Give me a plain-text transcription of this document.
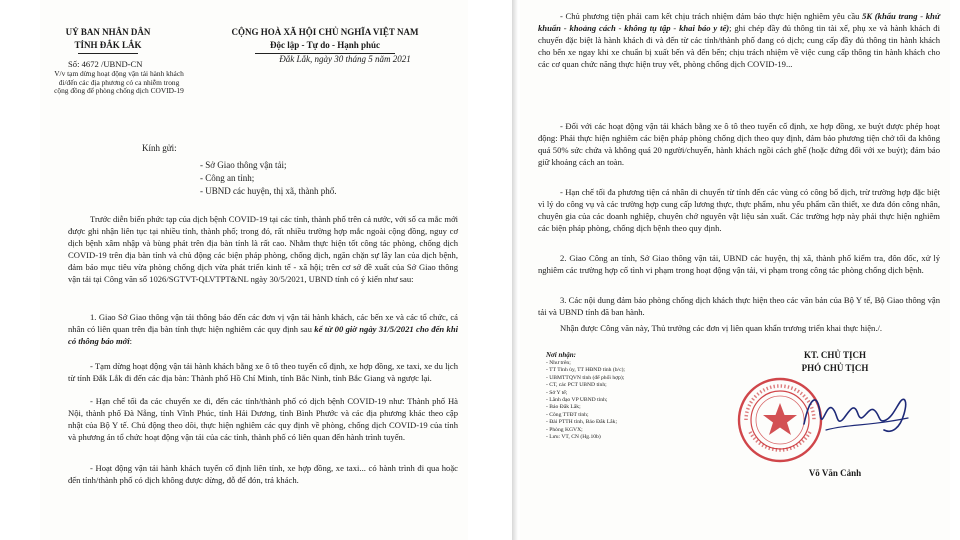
UỶ BAN NHÂN DÂN

TỈNH ĐẮK LẮK

CỘNG HOÀ XÃ HỘI CHỦ NGHĨA VIỆT NAM

Độc lập - Tự do - Hạnh phúc

Số: 4672 /UBND-CN

V/v tạm dừng hoạt động vận tải hành khách đi/đến các địa phương có ca nhiễm trong cộng đồng để phòng chống dịch COVID-19

Đắk Lắk, ngày 30 tháng 5 năm 2021

Kính gửi:

- Sở Giao thông vận tải;

- Công an tỉnh;

- UBND các huyện, thị xã, thành phố.

Trước diễn biến phức tạp của dịch bệnh COVID-19 tại các tỉnh, thành phố trên cả nước, với số ca mắc mới được ghi nhận liên tục tại nhiều tỉnh, thành phố; trong đó, rất nhiều trường hợp mắc ngoài cộng đồng, nguy cơ dịch bệnh xâm nhập và bùng phát trên địa bàn tỉnh là rất cao. Nhằm thực hiện tốt công tác phòng, chống dịch COVID-19 trên địa bàn tỉnh và chủ động các biện pháp phòng, chống dịch, ngăn chặn sự lây lan của dịch bệnh, đảm bảo mục tiêu vừa phòng chống dịch vừa phát triển kinh tế - xã hội; trên cơ sở đề xuất của Sở Giao thông vận tải tại Công văn số 1026/SGTVT-QLVTPT&NL ngày 30/5/2021, UBND tỉnh có ý kiến như sau:

1. Giao Sở Giao thông vận tải thông báo đến các đơn vị vận tải hành khách, các bến xe và các tổ chức, cá nhân có liên quan trên địa bàn tỉnh thực hiện nghiêm các quy định sau kể từ 00 giờ ngày 31/5/2021 cho đến khi có thông báo mới:

- Tạm dừng hoạt động vận tải hành khách bằng xe ô tô theo tuyến cố định, xe hợp đồng, xe taxi, xe du lịch từ tỉnh Đắk Lắk đi đến các địa bàn: Thành phố Hồ Chí Minh, tỉnh Bắc Ninh, tỉnh Bắc Giang và ngược lại.

- Hạn chế tối đa các chuyến xe đi, đến các tỉnh/thành phố có dịch bệnh COVID-19 như: Thành phố Hà Nội, thành phố Đà Nẵng, tỉnh Vĩnh Phúc, tỉnh Hải Dương, tỉnh Bình Phước và các địa phương khác theo cập nhật của Bộ Y tế. Chủ động theo dõi, thực hiện nghiêm các quy định về phòng, chống dịch COVID-19 của tỉnh và phương án tổ chức hoạt động vận tải của các tỉnh, thành phố có liên quan đến hành trình tuyến.

- Hoạt động vận tải hành khách tuyến cố định liên tỉnh, xe hợp đồng, xe taxi... có hành trình đi qua hoặc đến tỉnh/thành phố có dịch không được dừng, đỗ để đón, trả khách.

- Chủ phương tiện phải cam kết chịu trách nhiệm đảm bảo thực hiện nghiêm yêu cầu 5K (khẩu trang - khử khuẩn - khoảng cách - không tụ tập - khai báo y tế); ghi chép đầy đủ thông tin tài xế, phụ xe và hành khách đi chuyến đặc biệt là hành khách đi và đến từ các tỉnh/thành phố đang có dịch; cung cấp đầy đủ thông tin hành khách cho bến xe ngay khi xe chuẩn bị xuất bến và đến bến; chịu trách nhiệm về việc cung cấp thông tin hành khách cho các cơ quan chức năng thực hiện truy vết, phòng chống dịch COVID-19...

- Đối với các hoạt động vận tải khách bằng xe ô tô theo tuyến cố định, xe hợp đồng, xe buýt được phép hoạt động: Phải thực hiện nghiêm các biện pháp phòng chống dịch theo quy định, đảm bảo phương tiện chở tối đa không quá 50% sức chứa và không quá 20 người/chuyến, hành khách ngồi cách ghế (hoặc đứng đối với xe buýt); đảm bảo giữ khoảng cách an toàn.

- Hạn chế tối đa phương tiện cá nhân di chuyển từ tỉnh đến các vùng có công bố dịch, trừ trường hợp đặc biệt vì lý do công vụ và các trường hợp cung cấp lương thực, thực phẩm, nhu yếu phẩm cần thiết, xe đưa đón công nhân, chuyên gia của các doanh nghiệp, chuyên chở nguyên vật liệu sản xuất. Các trường hợp này phải thực hiện nghiêm các biện pháp phòng, chống dịch bệnh theo quy định.

2. Giao Công an tỉnh, Sở Giao thông vận tải, UBND các huyện, thị xã, thành phố kiểm tra, đôn đốc, xử lý nghiêm các trường hợp cố tình vi phạm trong hoạt động vận tải, vi phạm trong công tác phòng chống dịch bệnh.

3. Các nội dung đảm bảo phòng chống dịch khách thực hiện theo các văn bản của Bộ Y tế, Bộ Giao thông vận tải và UBND tỉnh đã ban hành.

Nhận được Công văn này, Thủ trưởng các đơn vị liên quan khẩn trương triển khai thực hiện./.

Nơi nhận:

- Như trên;

- TT Tỉnh ủy, TT HĐND tỉnh (b/c);

- UBMTTQVN tỉnh (để phối hợp);

- CT, các PCT UBND tỉnh;

- Sở Y tế;

- Lãnh đạo VP UBND tỉnh;

- Báo Đắk Lắk;

- Công TTĐT tỉnh;

- Đài PTTH tỉnh, Báo Đắk Lắk;

- Phòng KGVX;

- Lưu: VT, CN (Hg.10b)

KT. CHỦ TỊCH

PHÓ CHỦ TỊCH

Võ Văn Cảnh
